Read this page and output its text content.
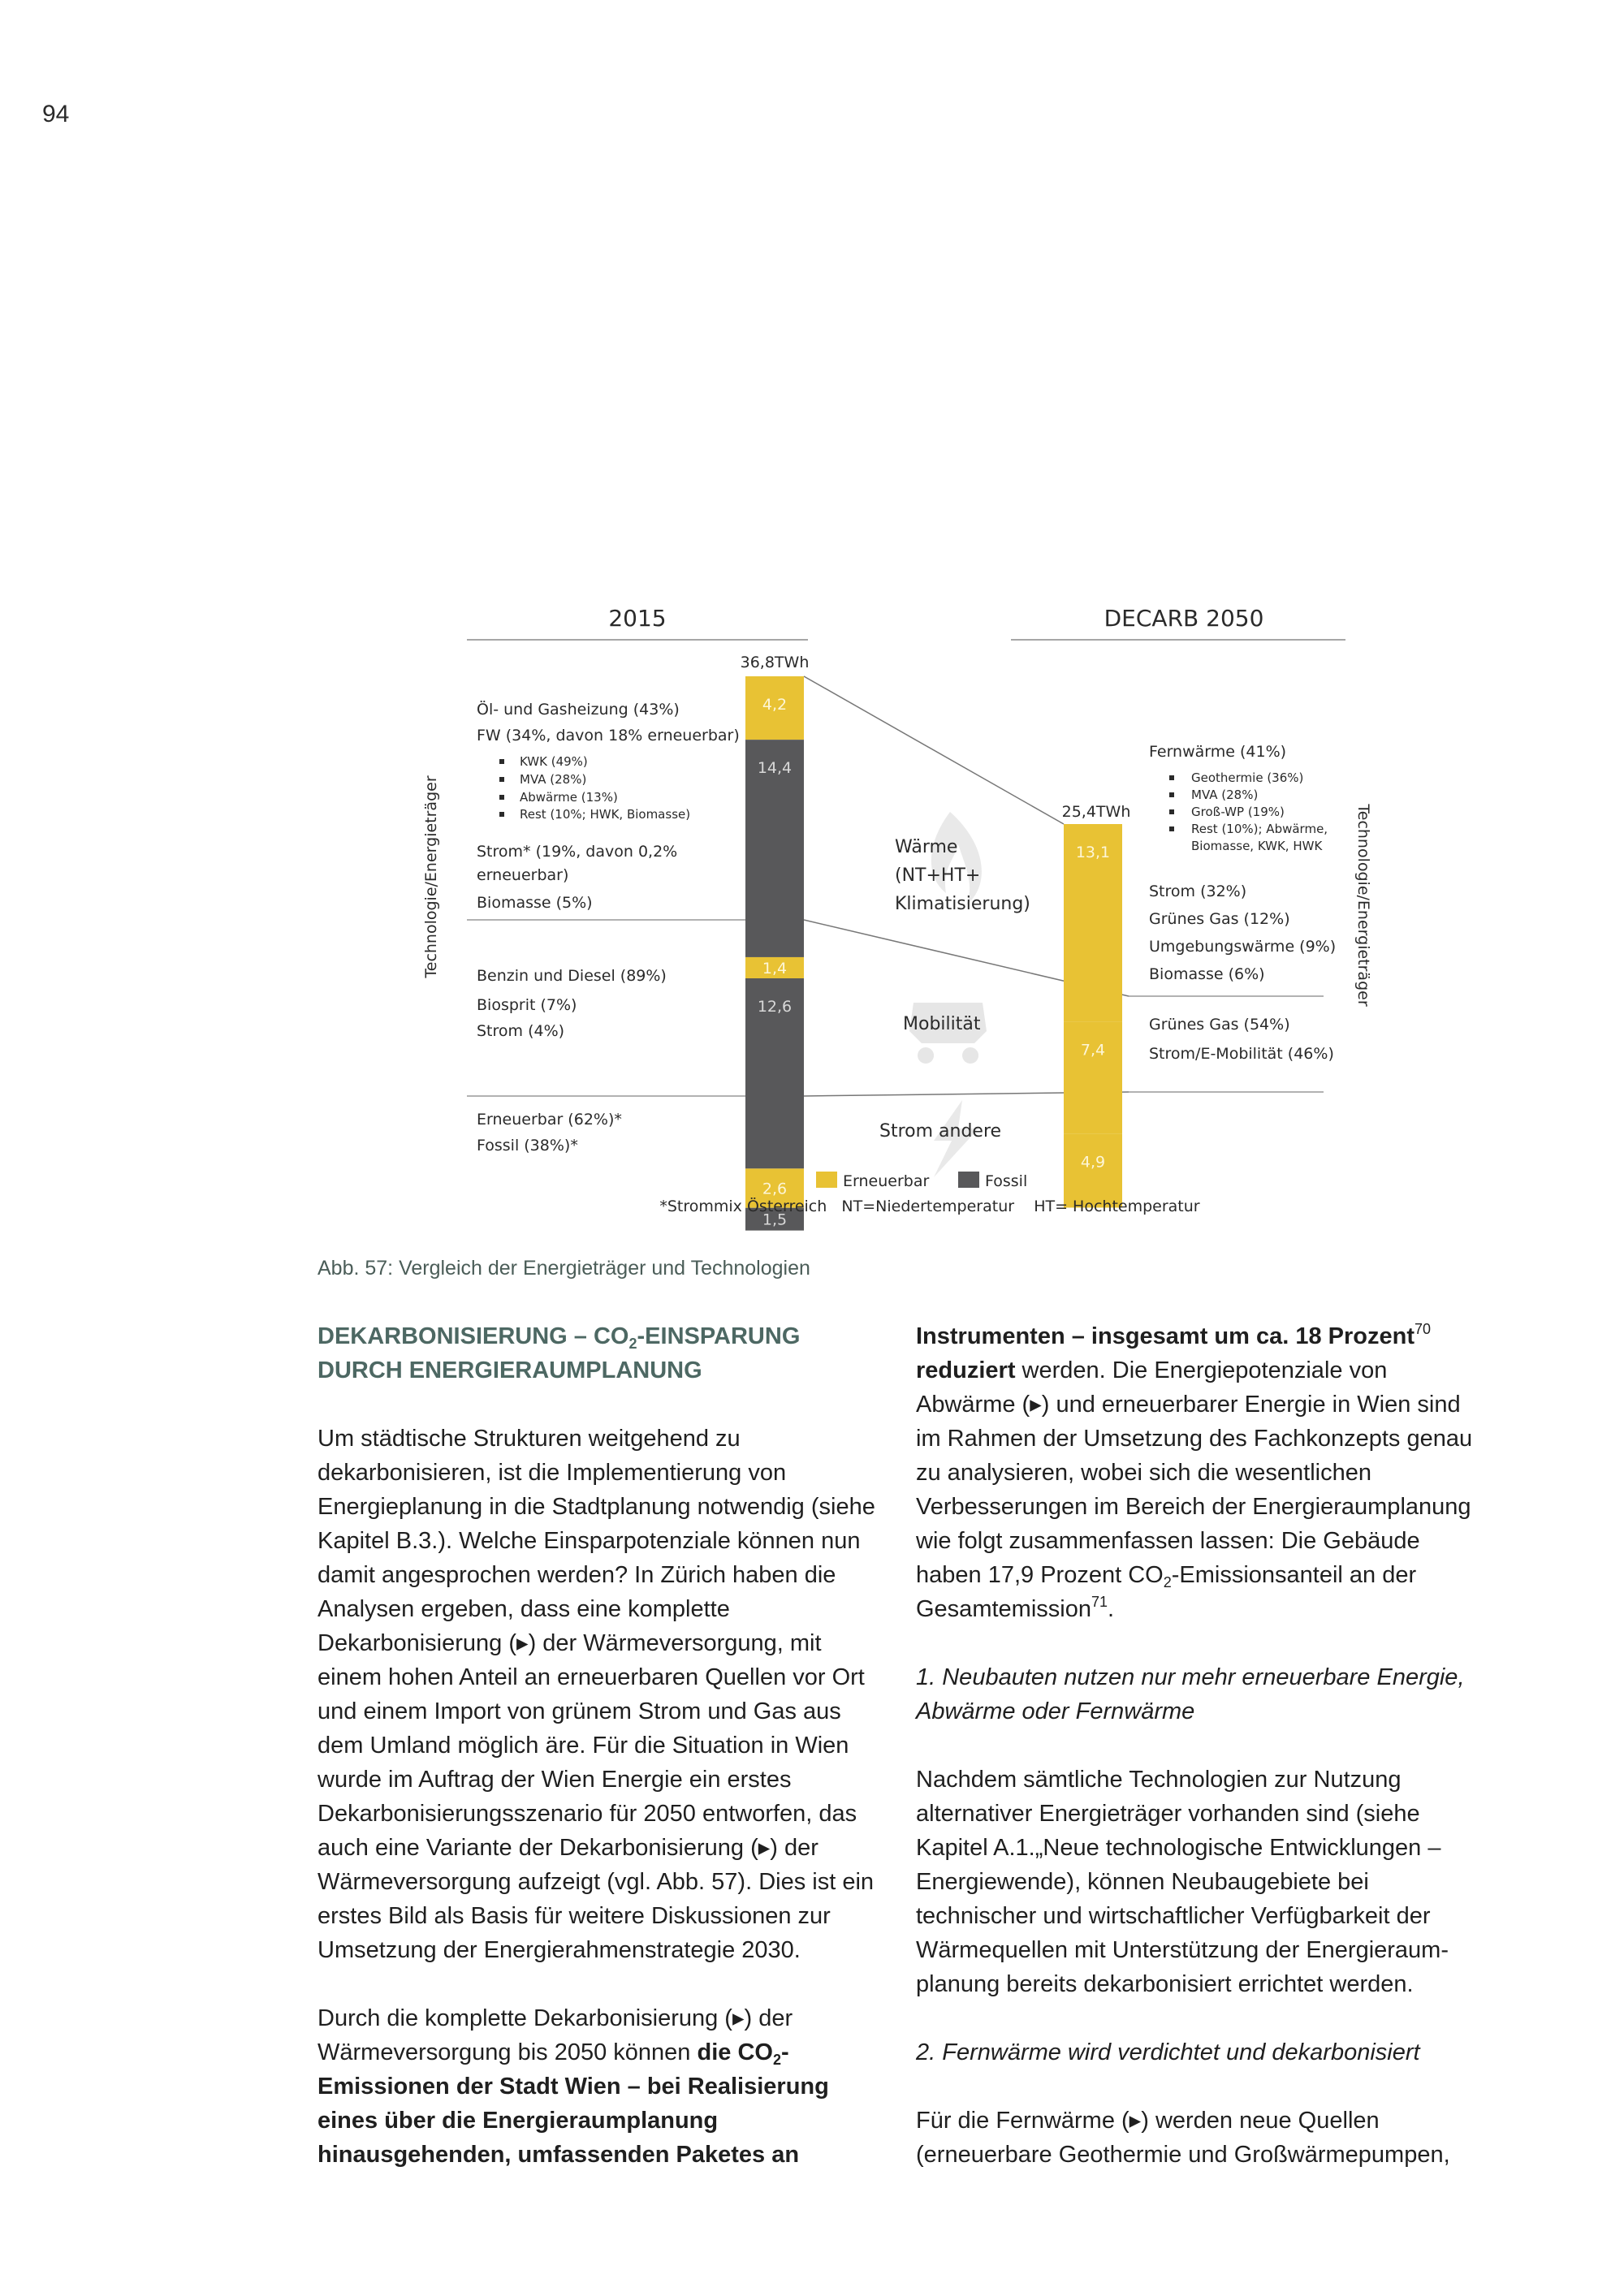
94
2015	DECARB 2050
Technologie/Energieträger	Technologie/Energieträger
36,8TWh
25,4TWh
4,2
14,4
1,4
12,6
2,6
1,5
13,1
7,4
4,9
Öl- und Gasheizung (43%)
FW (34%, davon 18% erneuerbar)
KWK (49%)
MVA (28%)
Abwärme (13%)
Rest (10%; HWK, Biomasse)
Strom* (19%, davon 0,2%
erneuerbar)
Biomasse (5%)
Benzin und Diesel (89%)
Biosprit (7%)
Strom (4%)
Erneuerbar (62%)*
Fossil (38%)*
Wärme
(NT+HT+
Klimatisierung)
Mobilität
Strom andere
Fernwärme (41%)
Geothermie (36%)
MVA (28%)
Groß-WP (19%)
Rest (10%); Abwärme,
Biomasse, KWK, HWK
Strom (32%)
Grünes Gas (12%)
Umgebungswärme (9%)
Biomasse (6%)
Grünes Gas (54%)
Strom/E-Mobilität (46%)
Erneuerbar	Fossil
*Strommix Österreich   NT=Niedertemperatur    HT= Hochtemperatur
Abb. 57: Vergleich der Energieträger und Technologien

DEKARBONISIERUNG – $CO_2$-EINSPARUNG
DURCH ENERGIERAUMPLANUNG

Um städtische Strukturen weitgehend zu dekarbonisieren, ist die Implementierung von Energieplanung in die Stadtplanung notwendig (siehe Kapitel B.3.). Welche Einsparpotenziale können nun damit angesprochen werden? In Zürich haben die Analysen ergeben, dass eine komplette Dekarbonisierung (▸) der Wärmeversorgung, mit einem hohen Anteil an erneuerbaren Quellen vor Ort und einem Import von grünem Strom und Gas aus dem Umland möglich äre. Für die Situation in Wien wurde im Auftrag der Wien Energie ein erstes Dekarbonisierungsszenario für 2050 entworfen, das auch eine Variante der Dekarbonisierung (▸) der Wärmeversorgung aufzeigt (vgl. Abb. 57). Dies ist ein erstes Bild als Basis für weitere Diskussionen zur Umsetzung der Energierahmenstrategie 2030.

Durch die komplette Dekarbonisierung (▸) der Wärmeversorgung bis 2050 können die $CO_2$-Emissionen der Stadt Wien – bei Realisierung eines über die Energieraumplanung hinausgehenden, umfassenden Paketes an

Instrumenten – insgesamt um ca. 18 Prozent$^{70}$ reduziert werden. Die Energiepotenziale von Abwärme (▸) und erneuerbarer Energie in Wien sind im Rahmen der Umsetzung des Fachkonzepts genau zu analysieren, wobei sich die wesentlichen Verbesserungen im Bereich der Energieraumplanung wie folgt zusammenfassen lassen: Die Gebäude haben 17,9 Prozent $CO_2$-Emissionsanteil an der Gesamtemission$^{71}$.

1. Neubauten nutzen nur mehr erneuerbare Energie, Abwärme oder Fernwärme

Nachdem sämtliche Technologien zur Nutzung alternativer Energieträger vorhanden sind (siehe Kapitel A.1.„Neue technologische Entwicklungen – Energiewende), können Neubaugebiete bei technischer und wirtschaftlicher Verfügbarkeit der Wärmequellen mit Unterstützung der Energieraum-planung bereits dekarbonisiert errichtet werden.

2. Fernwärme wird verdichtet und dekarbonisiert

Für die Fernwärme (▸) werden neue Quellen (erneuerbare Geothermie und Großwärmepumpen,
